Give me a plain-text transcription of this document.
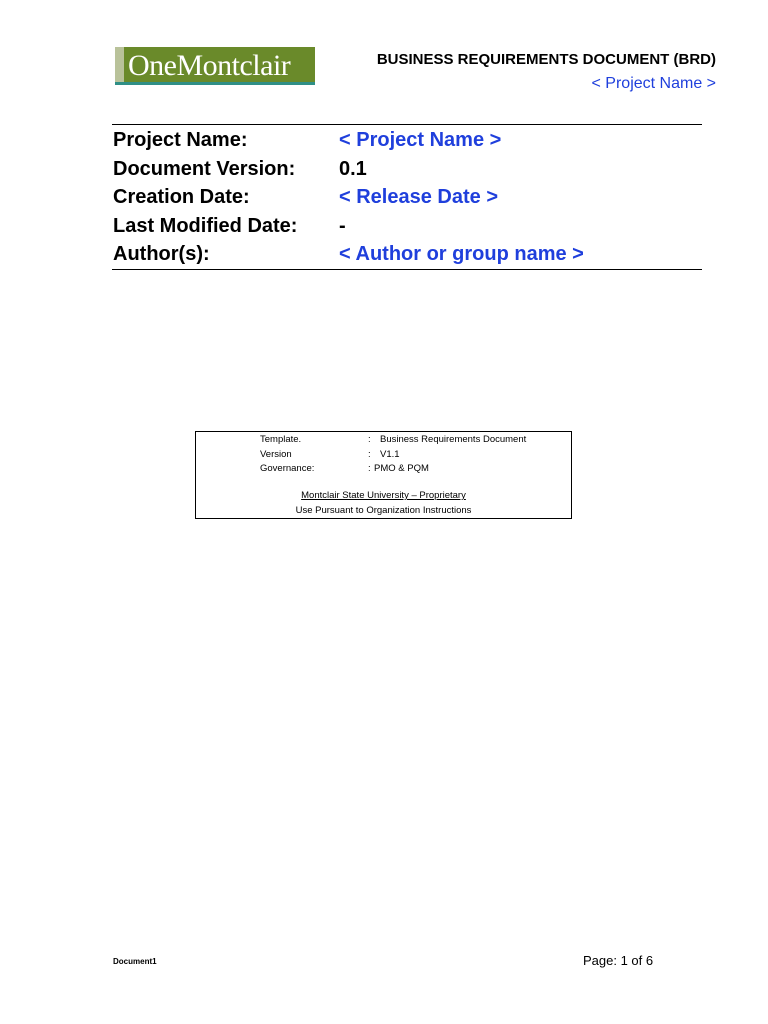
OneMontclair	BUSINESS REQUIREMENTS DOCUMENT (BRD)
< Project Name >
Project Name:	< Project Name >
Document Version:	0.1
Creation Date:	< Release Date >
Last Modified Date:	-
Author(s):	< Author or group name >
Template.	: Business Requirements Document
Version	: V1.1
Governance:	: PMO & PQM
Montclair State University – Proprietary
Use Pursuant to Organization Instructions
Document1	Page: 1 of 6
